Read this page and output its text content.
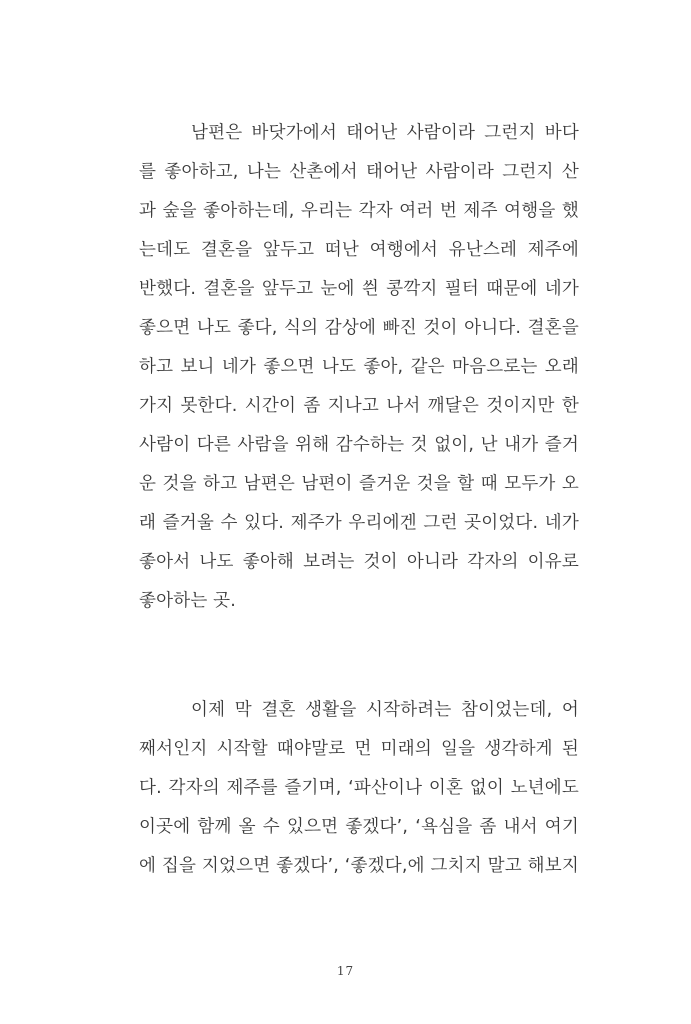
남편은 바닷가에서 태어난 사람이라 그런지 바다
를 좋아하고, 나는 산촌에서 태어난 사람이라 그런지 산
과 숲을 좋아하는데, 우리는 각자 여러 번 제주 여행을 했
는데도 결혼을 앞두고 떠난 여행에서 유난스레 제주에
반했다. 결혼을 앞두고 눈에 씐 콩깍지 필터 때문에 네가
좋으면 나도 좋다, 식의 감상에 빠진 것이 아니다. 결혼을
하고 보니 네가 좋으면 나도 좋아, 같은 마음으로는 오래
가지 못한다. 시간이 좀 지나고 나서 깨달은 것이지만 한
사람이 다른 사람을 위해 감수하는 것 없이, 난 내가 즐거
운 것을 하고 남편은 남편이 즐거운 것을 할 때 모두가 오
래 즐거울 수 있다. 제주가 우리에겐 그런 곳이었다. 네가
좋아서 나도 좋아해 보려는 것이 아니라 각자의 이유로
좋아하는 곳.
이제 막 결혼 생활을 시작하려는 참이었는데, 어
째서인지 시작할 때야말로 먼 미래의 일을 생각하게 된
다. 각자의 제주를 즐기며, ‘파산이나 이혼 없이 노년에도
이곳에 함께 올 수 있으면 좋겠다’, ‘욕심을 좀 내서 여기
에 집을 지었으면 좋겠다’, ‘좋겠다,에 그치지 말고 해보지
17
